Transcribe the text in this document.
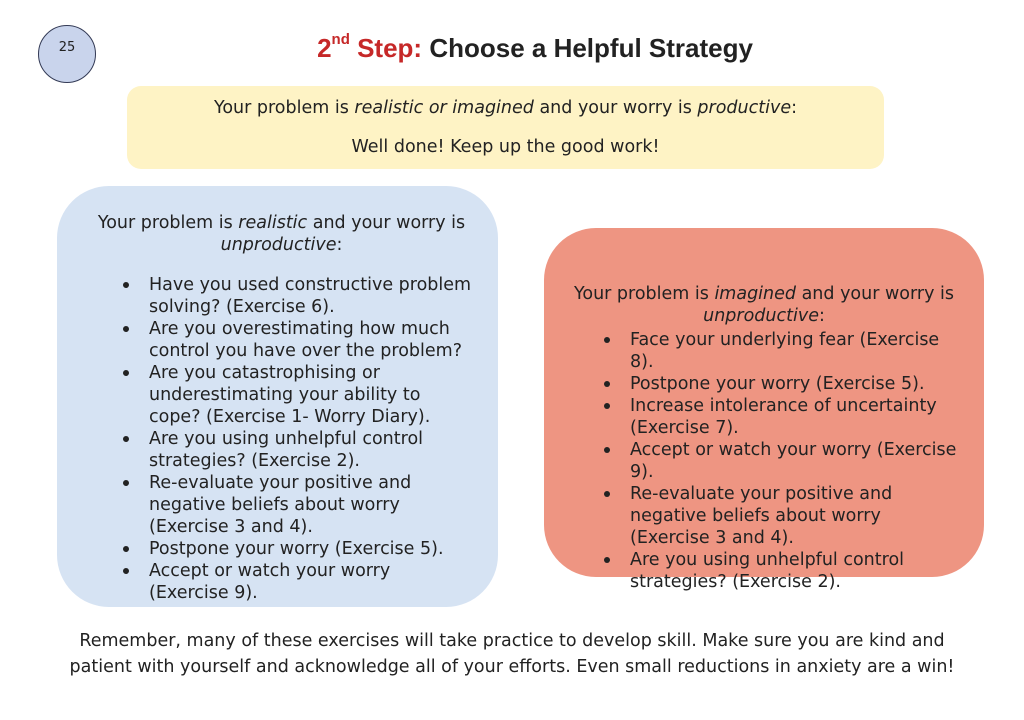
25	2nd Step: Choose a Helpful Strategy

Your problem is realistic or imagined and your worry is productive:

Well done! Keep up the good work!

Your problem is realistic and your worry is unproductive:

Have you used constructive problem solving? (Exercise 6).
Are you overestimating how much control you have over the problem?
Are you catastrophising or underestimating your ability to cope? (Exercise 1- Worry Diary).
Are you using unhelpful control strategies? (Exercise 2).
Re-evaluate your positive and negative beliefs about worry (Exercise 3 and 4).
Postpone your worry (Exercise 5).
Accept or watch your worry (Exercise 9).

Your problem is imagined and your worry is unproductive:

Face your underlying fear (Exercise 8).
Postpone your worry (Exercise 5).
Increase intolerance of uncertainty (Exercise 7).
Accept or watch your worry (Exercise 9).
Re-evaluate your positive and negative beliefs about worry (Exercise 3 and 4).
Are you using unhelpful control strategies? (Exercise 2).

Remember, many of these exercises will take practice to develop skill. Make sure you are kind and

patient with yourself and acknowledge all of your efforts. Even small reductions in anxiety are a win!
